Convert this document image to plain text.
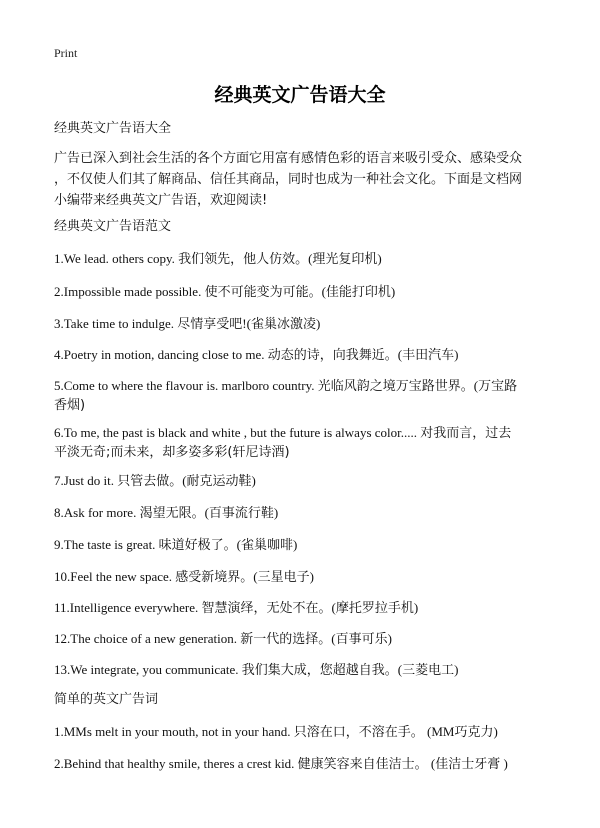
Print
经典英文广告语大全
经典英文广告语大全
广告已深入到社会生活的各个方面它用富有感情色彩的语言来吸引受众、感染受众
，不仅使人们其了解商品、信任其商品，同时也成为一种社会文化。下面是文档网
小编带来经典英文广告语，欢迎阅读!
经典英文广告语范文
1.We lead. others copy. 我们领先，他人仿效。(理光复印机)
2.Impossible made possible. 使不可能变为可能。(佳能打印机)
3.Take time to indulge. 尽情享受吧!(雀巢冰激凌)
4.Poetry in motion, dancing close to me. 动态的诗，向我舞近。(丰田汽车)
5.Come to where the flavour is. marlboro country. 光临风韵之境万宝路世界。(万宝路
香烟)
6.To me, the past is black and white , but the future is always color..... 对我而言，过去
平淡无奇;而未来，却多姿多彩(轩尼诗酒)
7.Just do it. 只管去做。(耐克运动鞋)
8.Ask for more. 渴望无限。(百事流行鞋)
9.The taste is great. 味道好极了。(雀巢咖啡)
10.Feel the new space. 感受新境界。(三星电子)
11.Intelligence everywhere. 智慧演绎，无处不在。(摩托罗拉手机)
12.The choice of a new generation. 新一代的选择。(百事可乐)
13.We integrate, you communicate. 我们集大成，您超越自我。(三菱电工)
简单的英文广告词
1.MMs melt in your mouth, not in your hand. 只溶在口，不溶在手。 (MM巧克力)
2.Behind that healthy smile, theres a crest kid. 健康笑容来自佳洁士。 (佳洁士牙膏 )
